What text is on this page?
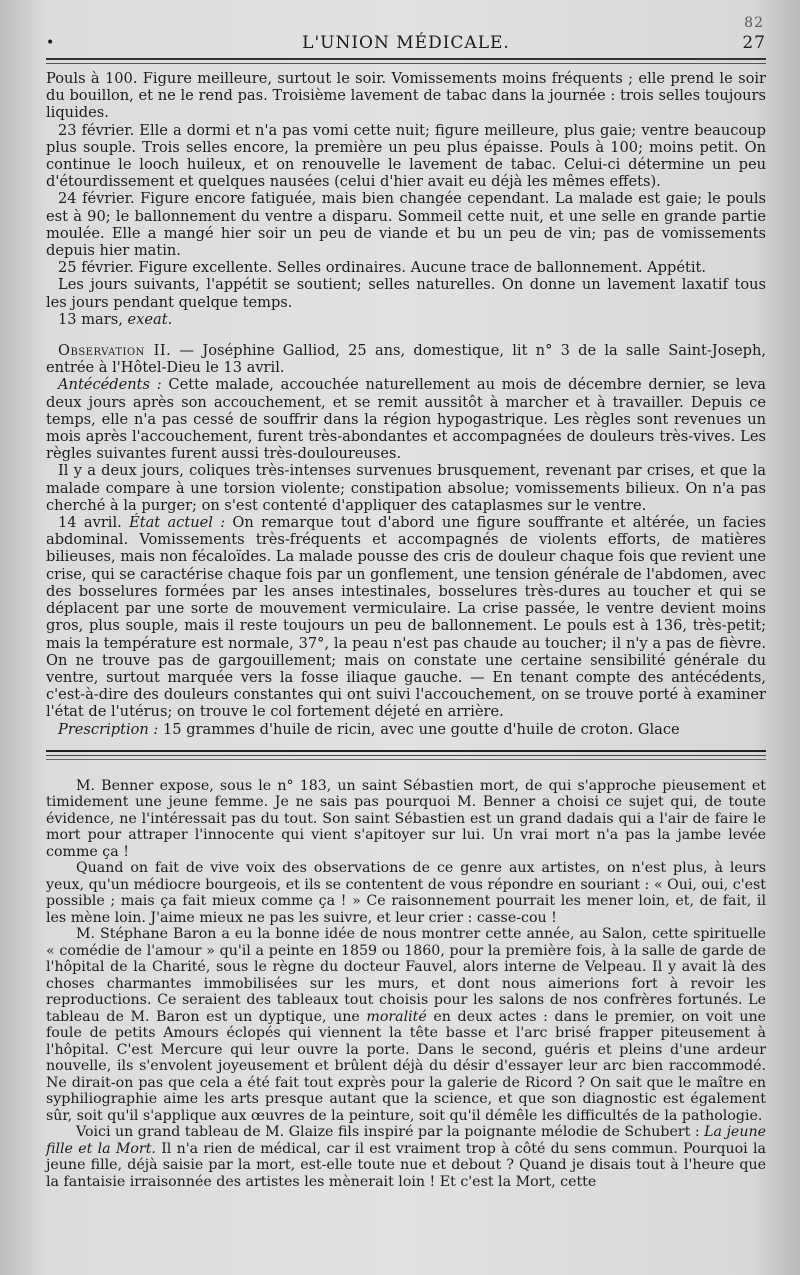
•	L'UNION MÉDICALE.	27
82

Pouls à 100. Figure meilleure, surtout le soir. Vomissements moins fréquents ; elle prend le soir du bouillon, et ne le rend pas. Troisième lavement de tabac dans la journée : trois selles toujours liquides.

23 février. Elle a dormi et n'a pas vomi cette nuit; figure meilleure, plus gaie; ventre beaucoup plus souple. Trois selles encore, la première un peu plus épaisse. Pouls à 100; moins petit. On continue le looch huileux, et on renouvelle le lavement de tabac. Celui-ci détermine un peu d'étourdissement et quelques nausées (celui d'hier avait eu déjà les mêmes effets).

24 février. Figure encore fatiguée, mais bien changée cependant. La malade est gaie; le pouls est à 90; le ballonnement du ventre a disparu. Sommeil cette nuit, et une selle en grande partie moulée. Elle a mangé hier soir un peu de viande et bu un peu de vin; pas de vomissements depuis hier matin.

25 février. Figure excellente. Selles ordinaires. Aucune trace de ballonnement. Appétit.

Les jours suivants, l'appétit se soutient; selles naturelles. On donne un lavement laxatif tous les jours pendant quelque temps.

13 mars, exeat.

Observation II. — Joséphine Galliod, 25 ans, domestique, lit n° 3 de la salle Saint-Joseph, entrée à l'Hôtel-Dieu le 13 avril.

Antécédents : Cette malade, accouchée naturellement au mois de décembre dernier, se leva deux jours après son accouchement, et se remit aussitôt à marcher et à travailler. Depuis ce temps, elle n'a pas cessé de souffrir dans la région hypogastrique. Les règles sont revenues un mois après l'accouchement, furent très-abondantes et accompagnées de douleurs très-vives. Les règles suivantes furent aussi très-douloureuses.

Il y a deux jours, coliques très-intenses survenues brusquement, revenant par crises, et que la malade compare à une torsion violente; constipation absolue; vomissements bilieux. On n'a pas cherché à la purger; on s'est contenté d'appliquer des cataplasmes sur le ventre.

14 avril. État actuel : On remarque tout d'abord une figure souffrante et altérée, un facies abdominal. Vomissements très-fréquents et accompagnés de violents efforts, de matières bilieuses, mais non fécaloïdes. La malade pousse des cris de douleur chaque fois que revient une crise, qui se caractérise chaque fois par un gonflement, une tension générale de l'abdomen, avec des bosselures formées par les anses intestinales, bosselures très-dures au toucher et qui se déplacent par une sorte de mouvement vermiculaire. La crise passée, le ventre devient moins gros, plus souple, mais il reste toujours un peu de ballonnement. Le pouls est à 136, très-petit; mais la température est normale, 37°, la peau n'est pas chaude au toucher; il n'y a pas de fièvre. On ne trouve pas de gargouillement; mais on constate une certaine sensibilité générale du ventre, surtout marquée vers la fosse iliaque gauche. — En tenant compte des antécédents, c'est-à-dire des douleurs constantes qui ont suivi l'accouchement, on se trouve porté à examiner l'état de l'utérus; on trouve le col fortement déjeté en arrière.

Prescription : 15 grammes d'huile de ricin, avec une goutte d'huile de croton. Glace

M. Benner expose, sous le n° 183, un saint Sébastien mort, de qui s'approche pieusement et timidement une jeune femme. Je ne sais pas pourquoi M. Benner a choisi ce sujet qui, de toute évidence, ne l'intéressait pas du tout. Son saint Sébastien est un grand dadais qui a l'air de faire le mort pour attraper l'innocente qui vient s'apitoyer sur lui. Un vrai mort n'a pas la jambe levée comme ça !

Quand on fait de vive voix des observations de ce genre aux artistes, on n'est plus, à leurs yeux, qu'un médiocre bourgeois, et ils se contentent de vous répondre en souriant : « Oui, oui, c'est possible ; mais ça fait mieux comme ça ! » Ce raisonnement pourrait les mener loin, et, de fait, il les mène loin. J'aime mieux ne pas les suivre, et leur crier : casse-cou !

M. Stéphane Baron a eu la bonne idée de nous montrer cette année, au Salon, cette spirituelle « comédie de l'amour » qu'il a peinte en 1859 ou 1860, pour la première fois, à la salle de garde de l'hôpital de la Charité, sous le règne du docteur Fauvel, alors interne de Velpeau. Il y avait là des choses charmantes immobilisées sur les murs, et dont nous aimerions fort à revoir les reproductions. Ce seraient des tableaux tout choisis pour les salons de nos confrères fortunés. Le tableau de M. Baron est un dyptique, une moralité en deux actes : dans le premier, on voit une foule de petits Amours éclopés qui viennent la tête basse et l'arc brisé frapper piteusement à l'hôpital. C'est Mercure qui leur ouvre la porte. Dans le second, guéris et pleins d'une ardeur nouvelle, ils s'envolent joyeusement et brûlent déjà du désir d'essayer leur arc bien raccommodé. Ne dirait-on pas que cela a été fait tout exprès pour la galerie de Ricord ? On sait que le maître en syphiliographie aime les arts presque autant que la science, et que son diagnostic est également sûr, soit qu'il s'applique aux œuvres de la peinture, soit qu'il démêle les difficultés de la pathologie.

Voici un grand tableau de M. Glaize fils inspiré par la poignante mélodie de Schubert : La jeune fille et la Mort. Il n'a rien de médical, car il est vraiment trop à côté du sens commun. Pourquoi la jeune fille, déjà saisie par la mort, est-elle toute nue et debout ? Quand je disais tout à l'heure que la fantaisie irraisonnée des artistes les mènerait loin ! Et c'est la Mort, cette
